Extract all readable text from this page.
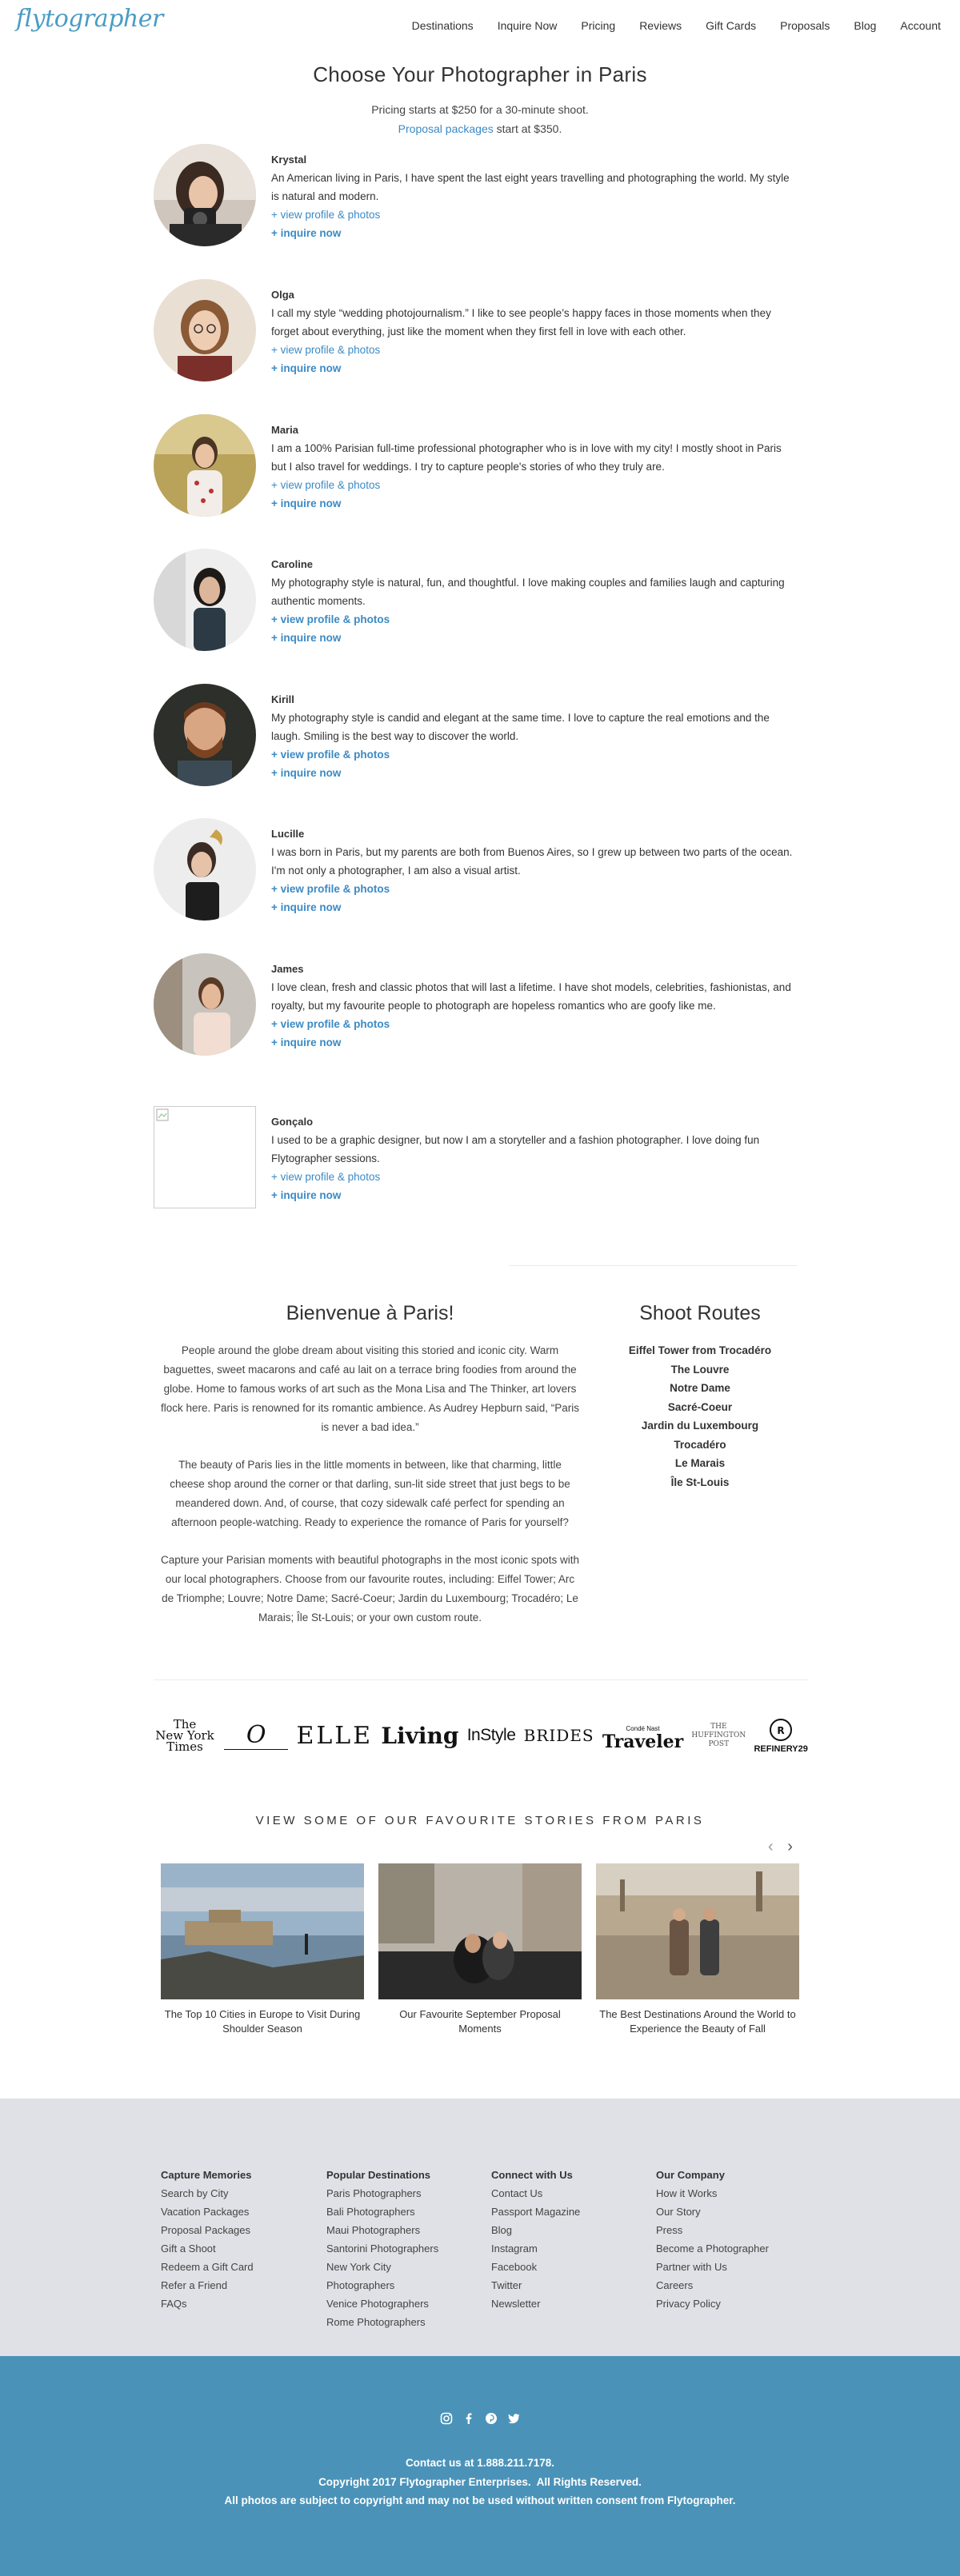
flytographer	Destinations Inquire Now Pricing Reviews Gift Cards Proposals Blog Account
Choose Your Photographer in Paris

Pricing starts at $250 for a 30-minute shoot.

Proposal packages start at $350.

Krystal
An American living in Paris, I have spent the last eight years travelling and photographing the world. My style is natural and modern.
+ view profile & photos
+ inquire now
Olga
I call my style “wedding photojournalism.” I like to see people’s happy faces in those moments when they forget about everything, just like the moment when they first fell in love with each other.
+ view profile & photos
+ inquire now
Maria
I am a 100% Parisian full-time professional photographer who is in love with my city! I mostly shoot in Paris but I also travel for weddings. I try to capture people's stories of who they truly are.
+ view profile & photos
+ inquire now
Caroline
My photography style is natural, fun, and thoughtful. I love making couples and families laugh and capturing authentic moments.
+ view profile & photos
+ inquire now
Kirill
My photography style is candid and elegant at the same time. I love to capture the real emotions and the laugh. Smiling is the best way to discover the world.
+ view profile & photos
+ inquire now
Lucille
I was born in Paris, but my parents are both from Buenos Aires, so I grew up between two parts of the ocean. I'm not only a photographer, I am also a visual artist.
+ view profile & photos
+ inquire now
James
I love clean, fresh and classic photos that will last a lifetime. I have shot models, celebrities, fashionistas, and royalty, but my favourite people to photograph are hopeless romantics who are goofy like me.
+ view profile & photos
+ inquire now
Gonçalo
I used to be a graphic designer, but now I am a storyteller and a fashion photographer. I love doing fun Flytographer sessions.
+ view profile & photos
+ inquire now
Bienvenue à Paris!

People around the globe dream about visiting this storied and iconic city. Warm baguettes, sweet macarons and café au lait on a terrace bring foodies from around the globe. Home to famous works of art such as the Mona Lisa and The Thinker, art lovers flock here. Paris is renowned for its romantic ambience. As Audrey Hepburn said, “Paris is never a bad idea.”

The beauty of Paris lies in the little moments in between, like that charming, little cheese shop around the corner or that darling, sun-lit side street that just begs to be meandered down. And, of course, that cozy sidewalk café perfect for spending an afternoon people-watching. Ready to experience the romance of Paris for yourself?

Capture your Parisian moments with beautiful photographs in the most iconic spots with our local photographers. Choose from our favourite routes, including: Eiffel Tower; Arc de Triomphe; Louvre; Notre Dame; Sacré-Coeur; Jardin du Luxembourg; Trocadéro; Le Marais; Île St-Louis; or your own custom route.

Shoot Routes
Eiffel Tower from Trocadéro
The Louvre
Notre Dame
Sacré-Coeur
Jardin du Luxembourg
Trocadéro
Le Marais
Île St-Louis
The
New York
Times	O	ELLE Living InStyle BRIDES	Condé Nast
Traveler
THE
HUFFINGTON
POST
R
REFINERY29
VIEW SOME OF OUR FAVOURITE STORIES FROM PARIS
‹ ›
The Top 10 Cities in Europe to Visit During Shoulder Season
Our Favourite September Proposal Moments
The Best Destinations Around the World to Experience the Beauty of Fall
Capture Memories
Search by City
Vacation Packages
Proposal Packages
Gift a Shoot
Redeem a Gift Card
Refer a Friend
FAQs
Popular Destinations
Paris Photographers
Bali Photographers
Maui Photographers
Santorini Photographers
New York City
Photographers
Venice Photographers
Rome Photographers
Connect with Us
Contact Us
Passport Magazine
Blog
Instagram
Facebook
Twitter
Newsletter
Our Company
How it Works
Our Story
Press
Become a Photographer
Partner with Us
Careers
Privacy Policy
Contact us at 1.888.211.7178.
Copyright 2017 Flytographer Enterprises.  All Rights Reserved.
All photos are subject to copyright and may not be used without written consent from Flytographer.
